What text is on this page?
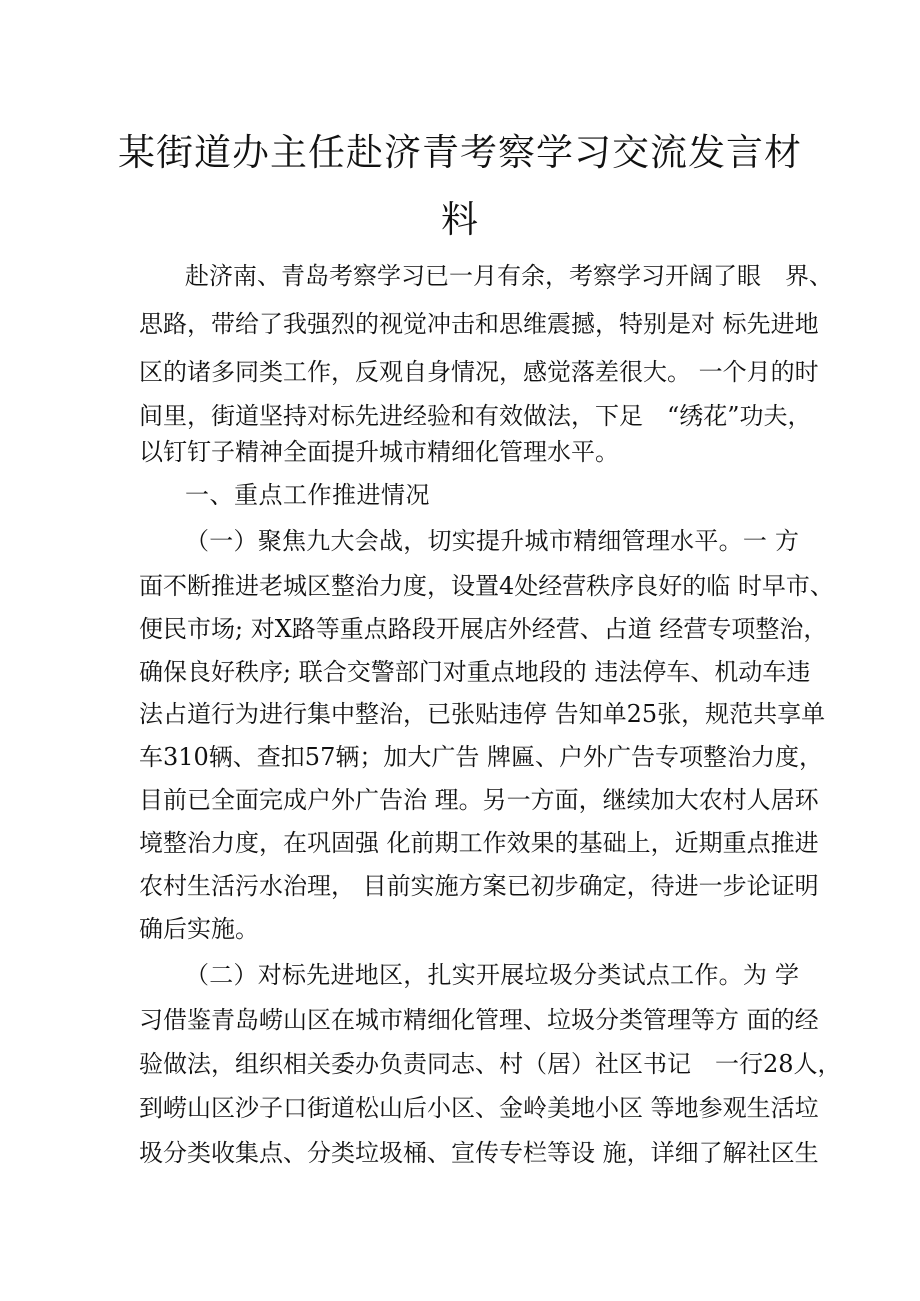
某街道办主任赴济青考察学习交流发言材
料
赴济南、青岛考察学习已一月有余，考察学习开阔了眼　界、
思路，带给了我强烈的视觉冲击和思维震撼，特别是对 标先进地
区的诸多同类工作，反观自身情况，感觉落差很大。 一个月的时
间里，街道坚持对标先进经验和有效做法，下足　“绣花”功夫，
以钉钉子精神全面提升城市精细化管理水平。
一、重点工作推进情况
（一）聚焦九大会战，切实提升城市精细管理水平。一 方
面不断推进老城区整治力度，设置4处经营秩序良好的临 时早市、
便民市场; 对X路等重点路段开展店外经营、占道 经营专项整治，
确保良好秩序; 联合交警部门对重点地段的 违法停车、机动车违
法占道行为进行集中整治，已张贴违停 告知单25张，规范共享单
车310辆、查扣57辆；加大广告 牌匾、户外广告专项整治力度，
目前已全面完成户外广告治 理。另一方面，继续加大农村人居环
境整治力度，在巩固强 化前期工作效果的基础上，近期重点推进
农村生活污水治理， 目前实施方案已初步确定，待进一步论证明
确后实施。
（二）对标先进地区，扎实开展垃圾分类试点工作。为 学
习借鉴青岛崂山区在城市精细化管理、垃圾分类管理等方 面的经
验做法，组织相关委办负责同志、村（居）社区书记　一行28人，
到崂山区沙子口街道松山后小区、金岭美地小区 等地参观生活垃
圾分类收集点、分类垃圾桶、宣传专栏等设 施，详细了解社区生
